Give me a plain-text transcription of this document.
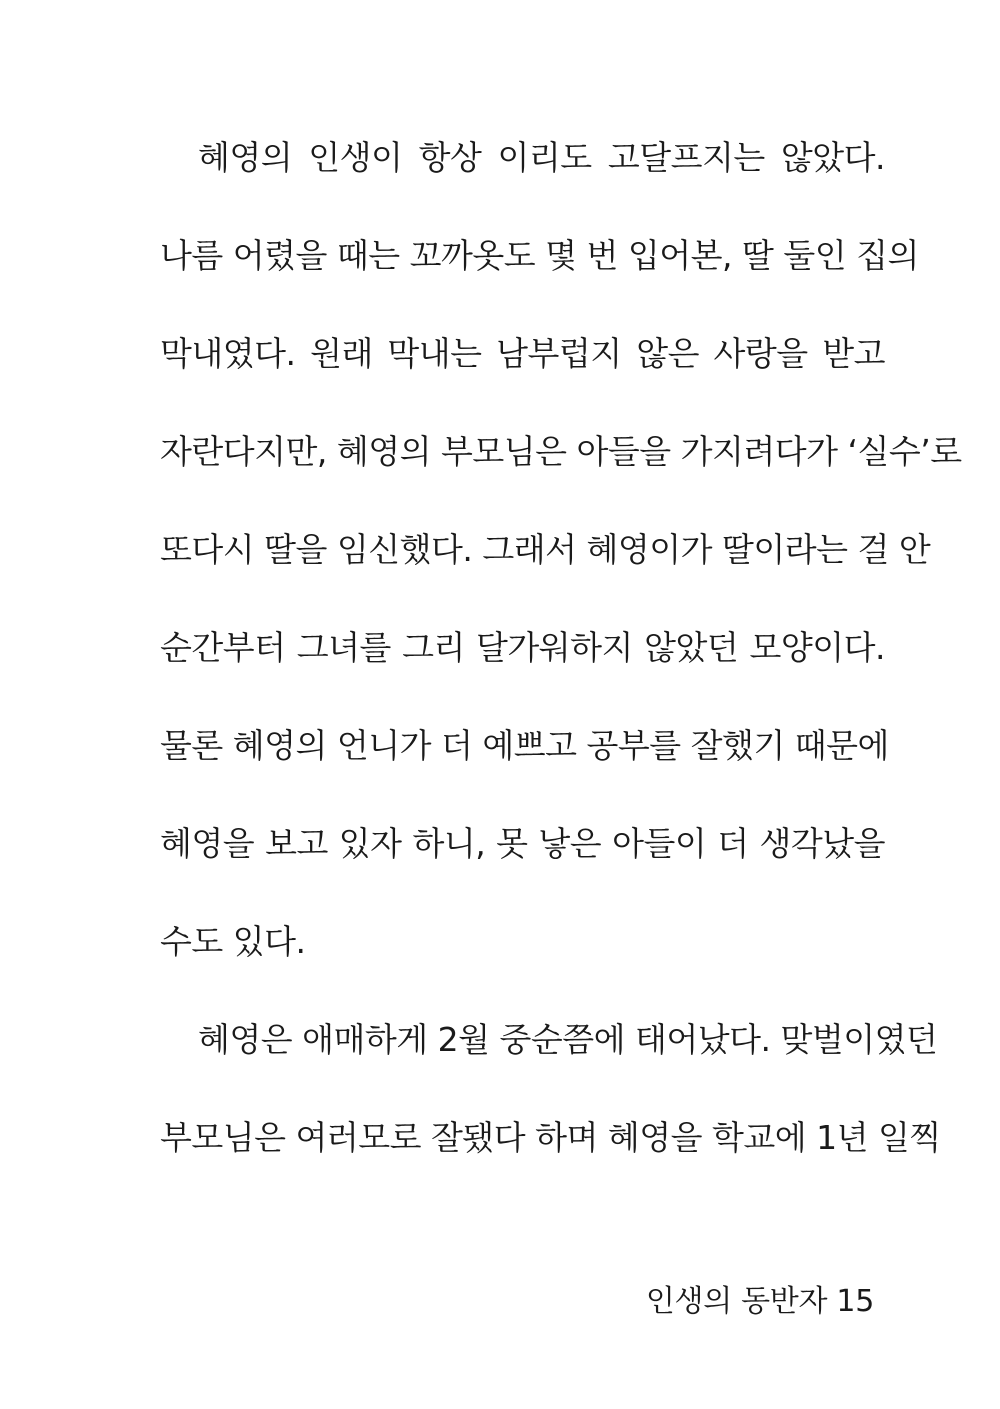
혜영의 인생이 항상 이리도 고달프지는 않았다.
나름 어렸을 때는 꼬까옷도 몇 번 입어본, 딸 둘인 집의
막내였다. 원래 막내는 남부럽지 않은 사랑을 받고
자란다지만, 혜영의 부모님은 아들을 가지려다가 ‘실수’로
또다시 딸을 임신했다. 그래서 혜영이가 딸이라는 걸 안
순간부터 그녀를 그리 달가워하지 않았던 모양이다.
물론 혜영의 언니가 더 예쁘고 공부를 잘했기 때문에
혜영을 보고 있자 하니, 못 낳은 아들이 더 생각났을
수도 있다.
혜영은 애매하게 2월 중순쯤에 태어났다. 맞벌이였던
부모님은 여러모로 잘됐다 하며 혜영을 학교에 1년 일찍
인생의 동반자 15
